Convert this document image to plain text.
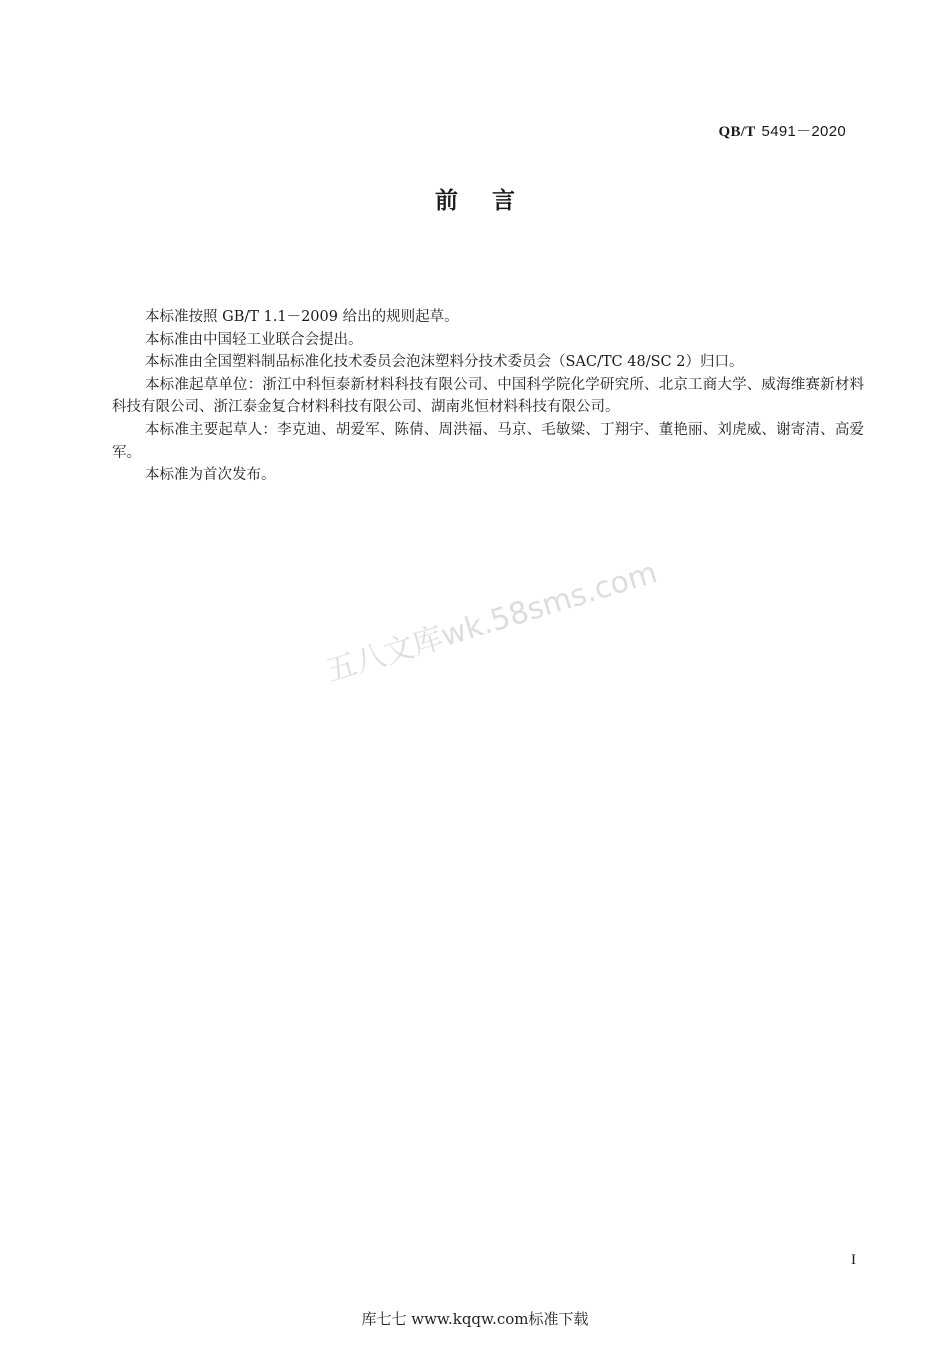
QB/T 5491－2020
前言

本标准按照 GB/T 1.1－2009 给出的规则起草。

本标准由中国轻工业联合会提出。

本标准由全国塑料制品标准化技术委员会泡沫塑料分技术委员会（SAC/TC 48/SC 2）归口。

本标准起草单位：浙江中科恒泰新材料科技有限公司、中国科学院化学研究所、北京工商大学、威海维赛新材料科技有限公司、浙江泰金复合材料科技有限公司、湖南兆恒材料科技有限公司。

本标准主要起草人：李克迪、胡爱军、陈倩、周洪福、马京、毛敏粱、丁翔宇、董艳丽、刘虎威、谢寄清、高爱军。

本标准为首次发布。

五八文库wk.58sms.com
I
库七七 www.kqqw.com标准下载
